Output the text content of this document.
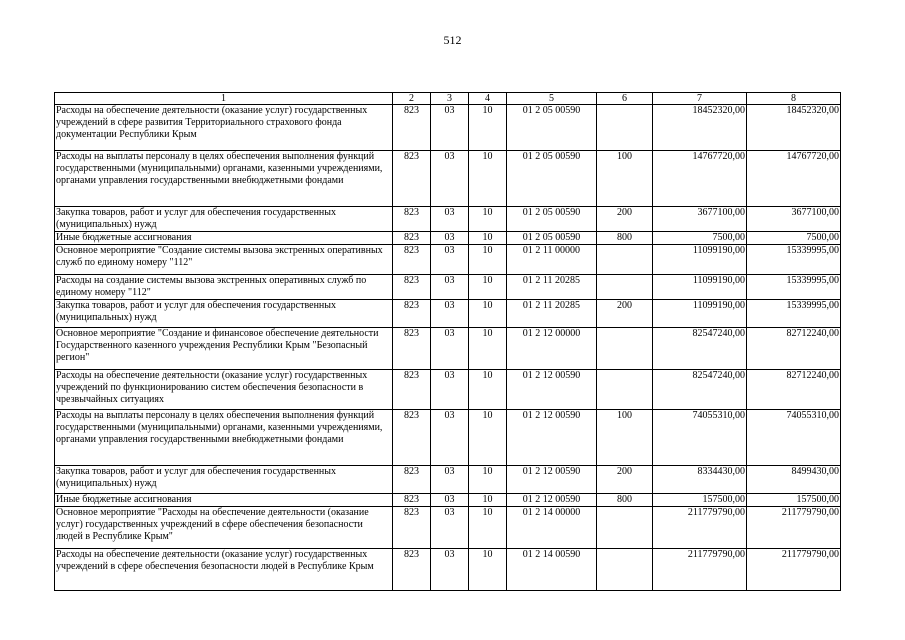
512
1	2	3	4	5	6	7	8
Расходы на обеспечение деятельности (оказание услуг) государственных учреждений в сфере развития Территориального страхового фонда документации Республики Крым	823	03	10	01 2 05 00590		18452320,00	18452320,00
Расходы на выплаты персоналу в целях обеспечения выполнения функций государственными (муниципальными) органами, казенными учреждениями, органами управления государственными внебюджетными фондами	823	03	10	01 2 05 00590	100	14767720,00	14767720,00
Закупка товаров, работ и услуг для обеспечения государственных (муниципальных) нужд	823	03	10	01 2 05 00590	200	3677100,00	3677100,00
Иные бюджетные ассигнования	823	03	10	01 2 05 00590	800	7500,00	7500,00
Основное мероприятие "Создание системы вызова экстренных оперативных служб по единому номеру "112"	823	03	10	01 2 11 00000		11099190,00	15339995,00
Расходы на создание системы вызова экстренных оперативных служб по единому номеру "112"	823	03	10	01 2 11 20285		11099190,00	15339995,00
Закупка товаров, работ и услуг для обеспечения государственных (муниципальных) нужд	823	03	10	01 2 11 20285	200	11099190,00	15339995,00
Основное мероприятие "Создание и финансовое обеспечение деятельности Государственного казенного учреждения Республики Крым "Безопасный регион"	823	03	10	01 2 12 00000		82547240,00	82712240,00
Расходы на обеспечение деятельности (оказание услуг) государственных учреждений по функционированию систем обеспечения безопасности в чрезвычайных ситуациях	823	03	10	01 2 12 00590		82547240,00	82712240,00
Расходы на выплаты персоналу в целях обеспечения выполнения функций государственными (муниципальными) органами, казенными учреждениями, органами управления государственными внебюджетными фондами	823	03	10	01 2 12 00590	100	74055310,00	74055310,00
Закупка товаров, работ и услуг для обеспечения государственных (муниципальных) нужд	823	03	10	01 2 12 00590	200	8334430,00	8499430,00
Иные бюджетные ассигнования	823	03	10	01 2 12 00590	800	157500,00	157500,00
Основное мероприятие "Расходы на обеспечение деятельности (оказание услуг) государственных учреждений в сфере обеспечения безопасности людей в Республике Крым"	823	03	10	01 2 14 00000		211779790,00	211779790,00
Расходы на обеспечение деятельности (оказание услуг) государственных учреждений в сфере обеспечения безопасности людей в Республике Крым	823	03	10	01 2 14 00590		211779790,00	211779790,00
